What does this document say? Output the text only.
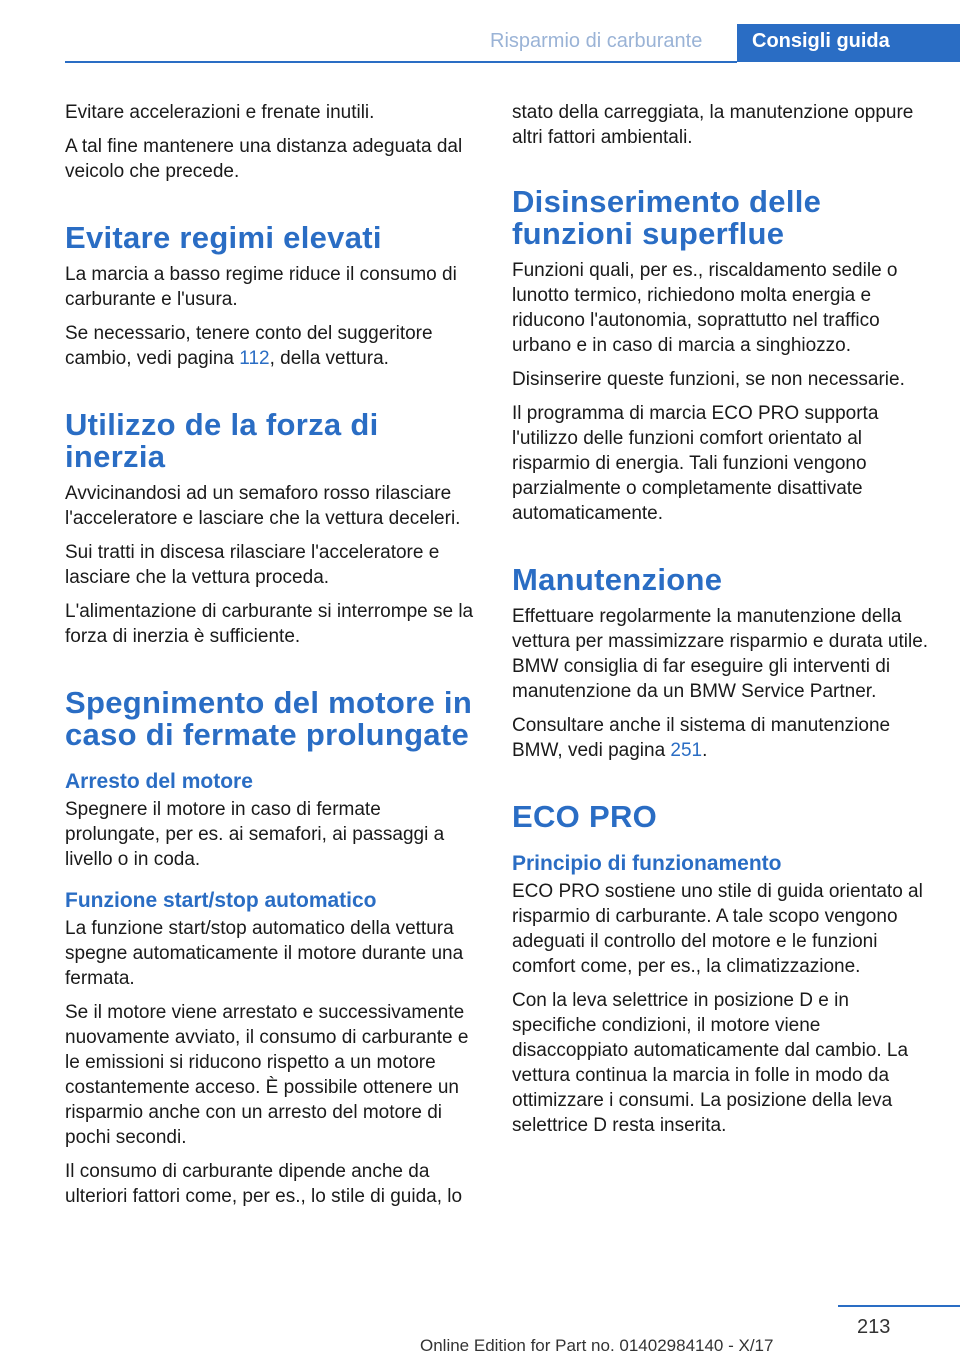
Risparmio di carburante	Consigli guida

Evitare accelerazioni e frenate inutili.

A tal fine mantenere una distanza adeguata dal veicolo che precede.

Evitare regimi elevati

La marcia a basso regime riduce il consumo di carburante e l'usura.

Se necessario, tenere conto del suggeritore cambio, vedi pagina 112, della vettura.

Utilizzo de la forza di inerzia

Avvicinandosi ad un semaforo rosso rilasciare l'acceleratore e lasciare che la vettura deceleri.

Sui tratti in discesa rilasciare l'acceleratore e lasciare che la vettura proceda.

L'alimentazione di carburante si interrompe se la forza di inerzia è sufficiente.

Spegnimento del motore in caso di fermate prolungate
Arresto del motore

Spegnere il motore in caso di fermate prolungate, per es. ai semafori, ai passaggi a livello o in coda.

Funzione start/stop automatico

La funzione start/stop automatico della vettura spegne automaticamente il motore durante una fermata.

Se il motore viene arrestato e successivamente nuovamente avviato, il consumo di carburante e le emissioni si riducono rispetto a un motore costantemente acceso. È possibile ottenere un risparmio anche con un arresto del motore di pochi secondi.

Il consumo di carburante dipende anche da ulteriori fattori come, per es., lo stile di guida, lo

stato della carreggiata, la manutenzione oppure altri fattori ambientali.

Disinserimento delle funzioni superflue

Funzioni quali, per es., riscaldamento sedile o lunotto termico, richiedono molta energia e riducono l'autonomia, soprattutto nel traffico urbano e in caso di marcia a singhiozzo.

Disinserire queste funzioni, se non necessarie.

Il programma di marcia ECO PRO supporta l'utilizzo delle funzioni comfort orientato al risparmio di energia. Tali funzioni vengono parzialmente o completamente disattivate automaticamente.

Manutenzione

Effettuare regolarmente la manutenzione della vettura per massimizzare risparmio e durata utile. BMW consiglia di far eseguire gli interventi di manutenzione da un BMW Service Partner.

Consultare anche il sistema di manutenzione BMW, vedi pagina 251.

ECO PRO
Principio di funzionamento

ECO PRO sostiene uno stile di guida orientato al risparmio di carburante. A tale scopo vengono adeguati il controllo del motore e le funzioni comfort come, per es., la climatizzazione.

Con la leva selettrice in posizione D e in specifiche condizioni, il motore viene disaccoppiato automaticamente dal cambio. La vettura continua la marcia in folle in modo da ottimizzare i consumi. La posizione della leva selettrice D resta inserita.

213
Online Edition for Part no. 01402984140 - X/17
